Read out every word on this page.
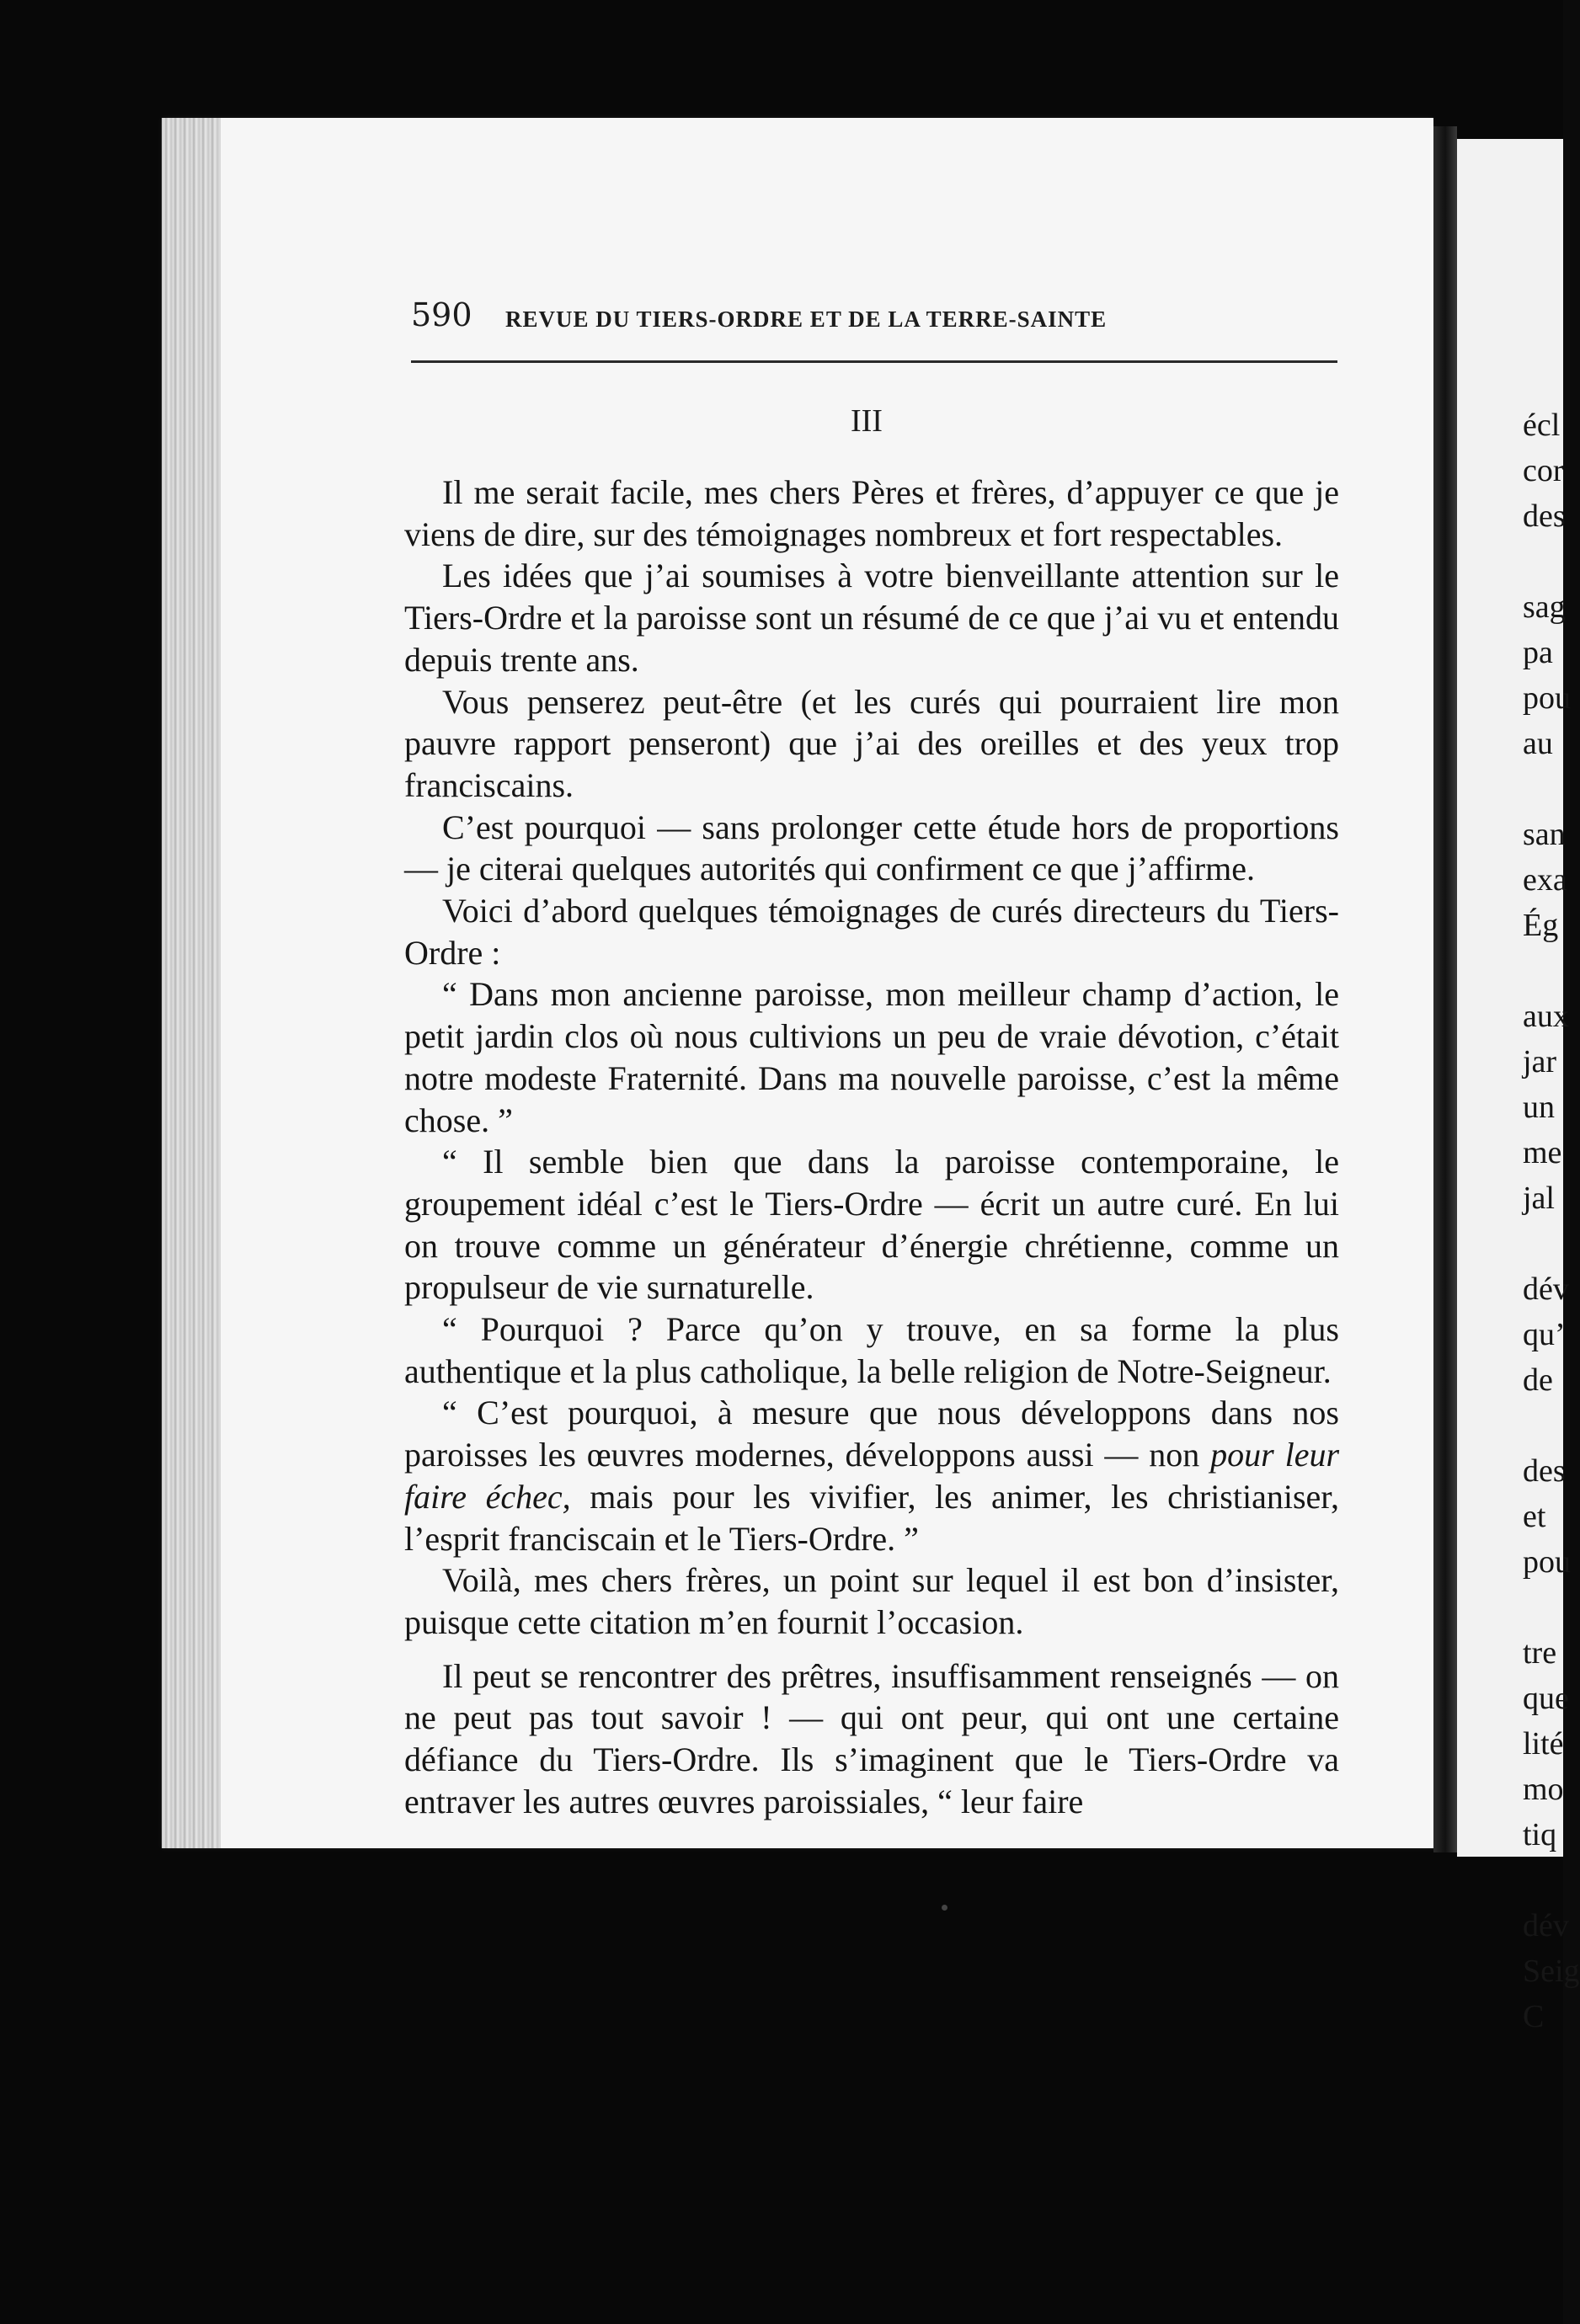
590 REVUE DU TIERS-ORDRE ET DE LA TERRE-SAINTE
III

Il me serait facile, mes chers Pères et frères, d’appuyer ce que je viens de dire, sur des témoignages nombreux et fort respectables.

Les idées que j’ai soumises à votre bienveillante attention sur le Tiers-Ordre et la paroisse sont un résumé de ce que j’ai vu et entendu depuis trente ans.

Vous penserez peut-être (et les curés qui pourraient lire mon pauvre rapport penseront) que j’ai des oreilles et des yeux trop franciscains.

C’est pourquoi — sans prolonger cette étude hors de proportions — je citerai quelques autorités qui confirment ce que j’affirme.

Voici d’abord quelques témoignages de curés directeurs du Tiers-Ordre :

“ Dans mon ancienne paroisse, mon meilleur champ d’action, le petit jardin clos où nous cultivions un peu de vraie dévotion, c’était notre modeste Fraternité. Dans ma nouvelle paroisse, c’est la même chose. ”

“ Il semble bien que dans la paroisse contemporaine, le groupement idéal c’est le Tiers-Ordre — écrit un autre curé. En lui on trouve comme un générateur d’énergie chrétienne, comme un propulseur de vie surnaturelle.

“ Pourquoi ? Parce qu’on y trouve, en sa forme la plus authentique et la plus catholique, la belle religion de Notre-Seigneur.

“ C’est pourquoi, à mesure que nous développons dans nos paroisses les œuvres modernes, développons aussi — non pour leur faire échec, mais pour les vivifier, les animer, les christianiser, l’esprit franciscain et le Tiers-Ordre. ”

Voilà, mes chers frères, un point sur lequel il est bon d’insister, puisque cette citation m’en fournit l’occasion.

Il peut se rencontrer des prêtres, insuffisamment renseignés — on ne peut pas tout savoir ! — qui ont peur, qui ont une certaine défiance du Tiers-Ordre. Ils s’imaginent que le Tiers-Ordre va entraver les autres œuvres paroissiales, “ leur faire

écl
cor
des

sag
pa
pou
au

san
exa
Ég

aux
jar
un
me
jal

dév
qu’
de

des
et
pou

tre
que
lité
mo
tiq

dév
Seig
C
